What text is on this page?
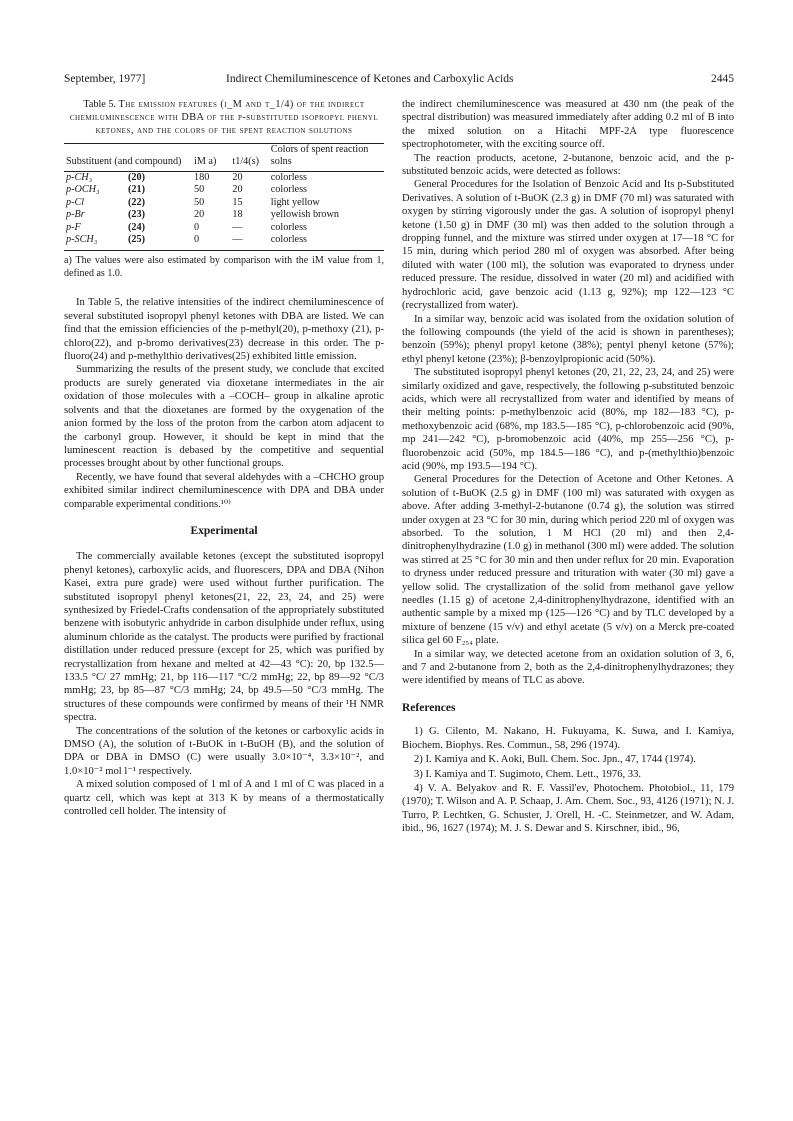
September, 1977]	Indirect Chemiluminescence of Ketones and Carboxylic Acids	2445
Table 5. The emission features (i_M and t_1/4) of the indirect chemiluminescence with DBA of the p-substituted isopropyl phenyl ketones, and the colors of the spent reaction solutions
Substituent (and compound)	iM a)	t1/4(s)	Colors of spent reaction solns
p-CH₃ (20)	180	20	colorless
p-OCH₃ (21)	50	20	colorless
p-Cl (22)	50	15	light yellow
p-Br (23)	20	18	yellowish brown
p-F (24)	0	—	colorless
p-SCH₃ (25)	0	—	colorless
a) The values were also estimated by comparison with the iM value from 1, defined as 1.0.

In Table 5, the relative intensities of the indirect chemiluminescence of several substituted isopropyl phenyl ketones with DBA are listed. We can find that the emission efficiencies of the p-methyl(20), p-methoxy (21), p-chloro(22), and p-bromo derivatives(23) decrease in this order. The p-fluoro(24) and p-methylthio derivatives(25) exhibited little emission.

Summarizing the results of the present study, we conclude that excited products are surely generated via dioxetane intermediates in the air oxidation of those molecules with a –COCH– group in alkaline aprotic solvents and that the dioxetanes are formed by the oxygenation of the anion formed by the loss of the proton from the carbon atom adjacent to the carbonyl group. However, it should be kept in mind that the luminescent reaction is debased by the competitive and sequential processes brought about by other functional groups.

Recently, we have found that several aldehydes with a –CHCHO group exhibited similar indirect chemiluminescence with DPA and DBA under comparable experimental conditions.¹⁰⁾

Experimental

The commercially available ketones (except the substituted isopropyl phenyl ketones), carboxylic acids, and fluorescers, DPA and DBA (Nihon Kasei, extra pure grade) were used without further purification. The substituted isopropyl phenyl ketones(21, 22, 23, 24, and 25) were synthesized by Friedel-Crafts condensation of the appropriately substituted benzene with isobutyric anhydride in carbon disulphide under reflux, using aluminum chloride as the catalyst. The products were purified by fractional distillation under reduced pressure (except for 25, which was purified by recrystallization from hexane and melted at 42—43 °C): 20, bp 132.5—133.5 °C/ 27 mmHg; 21, bp 116—117 °C/2 mmHg; 22, bp 89—92 °C/3 mmHg; 23, bp 85—87 °C/3 mmHg; 24, bp 49.5—50 °C/3 mmHg. The structures of these compounds were confirmed by means of their ¹H NMR spectra.

The concentrations of the solution of the ketones or carboxylic acids in DMSO (A), the solution of t-BuOK in t-BuOH (B), and the solution of DPA or DBA in DMSO (C) were usually 3.0×10⁻⁴, 3.3×10⁻², and 1.0×10⁻² mol l⁻¹ respectively.

A mixed solution composed of 1 ml of A and 1 ml of C was placed in a quartz cell, which was kept at 313 K by means of a thermostatically controlled cell holder. The intensity of

the indirect chemiluminescence was measured at 430 nm (the peak of the spectral distribution) was measured immediately after adding 0.2 ml of B into the mixed solution on a Hitachi MPF-2A type fluorescence spectrophotometer, with the exciting source off.

The reaction products, acetone, 2-butanone, benzoic acid, and the p-substituted benzoic acids, were detected as follows:

General Procedures for the Isolation of Benzoic Acid and Its p-Substituted Derivatives. A solution of t-BuOK (2.3 g) in DMF (70 ml) was saturated with oxygen by stirring vigorously under the gas. A solution of isopropyl phenyl ketone (1.50 g) in DMF (30 ml) was then added to the solution through a dropping funnel, and the mixture was stirred under oxygen at 17—18 °C for 15 min, during which period 280 ml of oxygen was absorbed. After being diluted with water (100 ml), the solution was evaporated to dryness under reduced pressure. The residue, dissolved in water (20 ml) and acidified with hydrochloric acid, gave benzoic acid (1.13 g, 92%); mp 122—123 °C (recrystallized from water).

In a similar way, benzoic acid was isolated from the oxidation solution of the following compounds (the yield of the acid is shown in parentheses); benzoin (59%); phenyl propyl ketone (38%); pentyl phenyl ketone (57%); ethyl phenyl ketone (23%); β-benzoylpropionic acid (50%).

The substituted isopropyl phenyl ketones (20, 21, 22, 23, 24, and 25) were similarly oxidized and gave, respectively, the following p-substituted benzoic acids, which were all recrystallized from water and identified by means of their melting points: p-methylbenzoic acid (80%, mp 182—183 °C), p-methoxybenzoic acid (68%, mp 183.5—185 °C), p-chlorobenzoic acid (90%, mp 241—242 °C), p-bromobenzoic acid (40%, mp 255—256 °C), p-fluorobenzoic acid (50%, mp 184.5—186 °C), and p-(methylthio)benzoic acid (90%, mp 193.5—194 °C).

General Procedures for the Detection of Acetone and Other Ketones. A solution of t-BuOK (2.5 g) in DMF (100 ml) was saturated with oxygen as above. After adding 3-methyl-2-butanone (0.74 g), the solution was stirred under oxygen at 23 °C for 30 min, during which period 220 ml of oxygen was absorbed. To the solution, 1 M HCl (20 ml) and then 2,4-dinitrophenylhydrazine (1.0 g) in methanol (300 ml) were added. The solution was stirred at 25 °C for 30 min and then under reflux for 20 min. Evaporation to dryness under reduced pressure and trituration with water (30 ml) gave a yellow solid. The crystallization of the solid from methanol gave yellow needles (1.15 g) of acetone 2,4-dinitrophenylhydrazone, identified with an authentic sample by a mixed mp (125—126 °C) and by TLC developed by a mixture of benzene (15 v/v) and ethyl acetate (5 v/v) on a Merck pre-coated silica gel 60 F₂₅₄ plate.

In a similar way, we detected acetone from an oxidation solution of 3, 6, and 7 and 2-butanone from 2, both as the 2,4-dinitrophenylhydrazones; they were identified by means of TLC as above.

References

1) G. Cilento, M. Nakano, H. Fukuyama, K. Suwa, and I. Kamiya, Biochem. Biophys. Res. Commun., 58, 296 (1974).

2) I. Kamiya and K. Aoki, Bull. Chem. Soc. Jpn., 47, 1744 (1974).

3) I. Kamiya and T. Sugimoto, Chem. Lett., 1976, 33.

4) V. A. Belyakov and R. F. Vassil'ev, Photochem. Photobiol., 11, 179 (1970); T. Wilson and A. P. Schaap, J. Am. Chem. Soc., 93, 4126 (1971); N. J. Turro, P. Lechtken, G. Schuster, J. Orell, H. -C. Steinmetzer, and W. Adam, ibid., 96, 1627 (1974); M. J. S. Dewar and S. Kirschner, ibid., 96,
